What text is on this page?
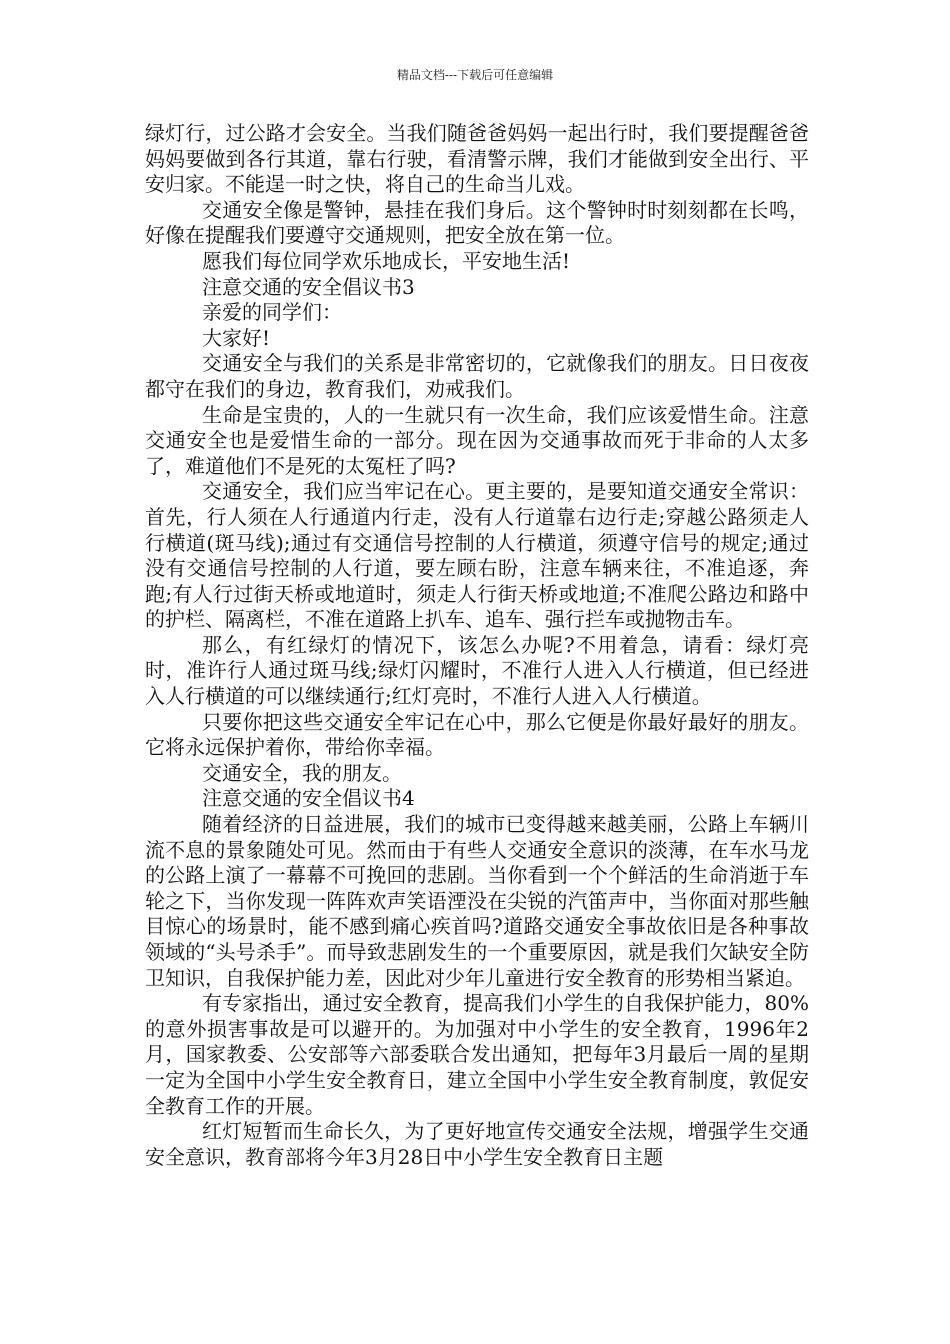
精品文档---下载后可任意编辑

绿灯行，过公路才会安全。当我们随爸爸妈妈一起出行时，我们要提醒爸爸妈妈要做到各行其道，靠右行驶，看清警示牌，我们才能做到安全出行、平安归家。不能逞一时之快，将自己的生命当儿戏。

交通安全像是警钟，悬挂在我们身后。这个警钟时时刻刻都在长鸣，好像在提醒我们要遵守交通规则，把安全放在第一位。

愿我们每位同学欢乐地成长，平安地生活!

注意交通的安全倡议书3

亲爱的同学们：

大家好!

交通安全与我们的关系是非常密切的，它就像我们的朋友。日日夜夜都守在我们的身边，教育我们，劝戒我们。

生命是宝贵的，人的一生就只有一次生命，我们应该爱惜生命。注意交通安全也是爱惜生命的一部分。现在因为交通事故而死于非命的人太多了，难道他们不是死的太冤枉了吗?

交通安全，我们应当牢记在心。更主要的，是要知道交通安全常识：首先，行人须在人行通道内行走，没有人行道靠右边行走;穿越公路须走人行横道(斑马线);通过有交通信号控制的人行横道，须遵守信号的规定;通过没有交通信号控制的人行道，要左顾右盼，注意车辆来往，不准追逐，奔跑;有人行过街天桥或地道时，须走人行街天桥或地道;不准爬公路边和路中的护栏、隔离栏，不准在道路上扒车、追车、强行拦车或抛物击车。

那么，有红绿灯的情况下，该怎么办呢?不用着急，请看：绿灯亮时，准许行人通过斑马线;绿灯闪耀时，不准行人进入人行横道，但已经进入人行横道的可以继续通行;红灯亮时，不准行人进入人行横道。

只要你把这些交通安全牢记在心中，那么它便是你最好最好的朋友。它将永远保护着你，带给你幸福。

交通安全，我的朋友。

注意交通的安全倡议书4

随着经济的日益进展，我们的城市已变得越来越美丽，公路上车辆川流不息的景象随处可见。然而由于有些人交通安全意识的淡薄，在车水马龙的公路上演了一幕幕不可挽回的悲剧。当你看到一个个鲜活的生命消逝于车轮之下，当你发现一阵阵欢声笑语湮没在尖锐的汽笛声中，当你面对那些触目惊心的场景时，能不感到痛心疾首吗?道路交通安全事故依旧是各种事故领域的“头号杀手”。而导致悲剧发生的一个重要原因，就是我们欠缺安全防卫知识，自我保护能力差，因此对少年儿童进行安全教育的形势相当紧迫。

有专家指出，通过安全教育，提高我们小学生的自我保护能力，80%的意外损害事故是可以避开的。为加强对中小学生的安全教育，1996年2月，国家教委、公安部等六部委联合发出通知，把每年3月最后一周的星期一定为全国中小学生安全教育日，建立全国中小学生安全教育制度，敦促安全教育工作的开展。

红灯短暂而生命长久，为了更好地宣传交通安全法规，增强学生交通安全意识，教育部将今年3月28日中小学生安全教育日主题
